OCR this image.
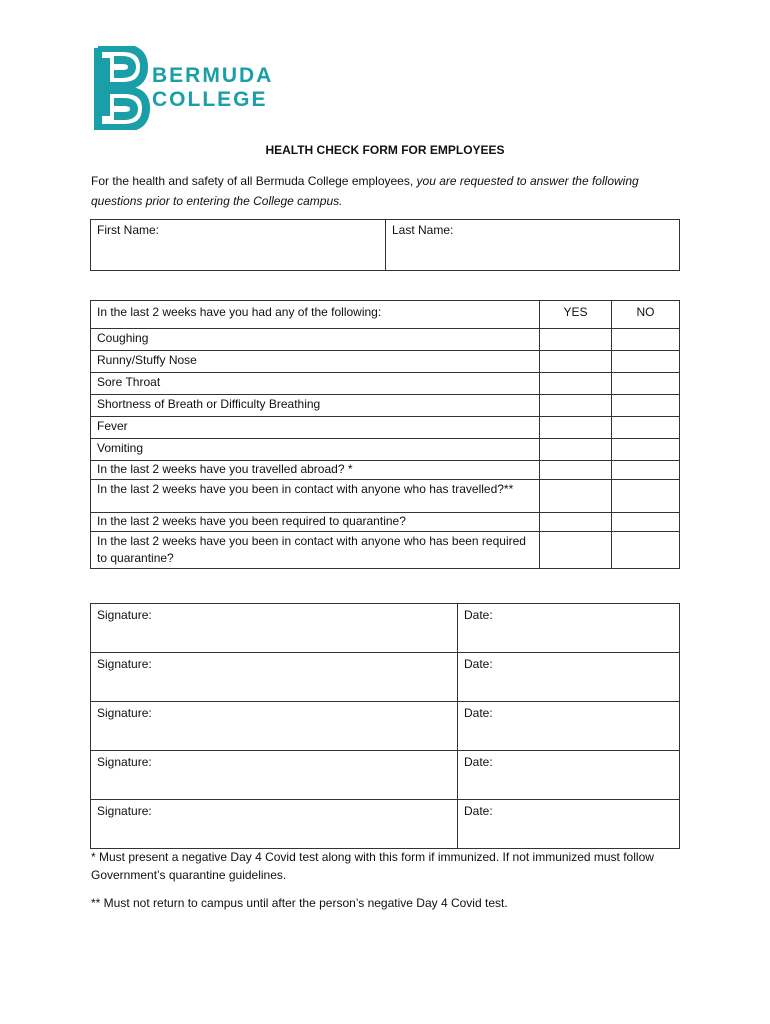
BERMUDA
COLLEGE
HEALTH CHECK FORM FOR EMPLOYEES
For the health and safety of all Bermuda College employees, you are requested to answer the following questions prior to entering the College campus.
First Name:	Last Name:
In the last 2 weeks have you had any of the following:	YES	NO
Coughing		
Runny/Stuffy Nose		
Sore Throat		
Shortness of Breath or Difficulty Breathing		
Fever		
Vomiting		
In the last 2 weeks have you travelled abroad? *		
In the last 2 weeks have you been in contact with anyone who has travelled?**		
In the last 2 weeks have you been required to quarantine?		
In the last 2 weeks have you been in contact with anyone who has been required to quarantine?		
Signature:	Date:
Signature:	Date:
Signature:	Date:
Signature:	Date:
Signature:	Date:
* Must present a negative Day 4 Covid test along with this form if immunized. If not immunized must follow Government’s quarantine guidelines.
** Must not return to campus until after the person’s negative Day 4 Covid test.
